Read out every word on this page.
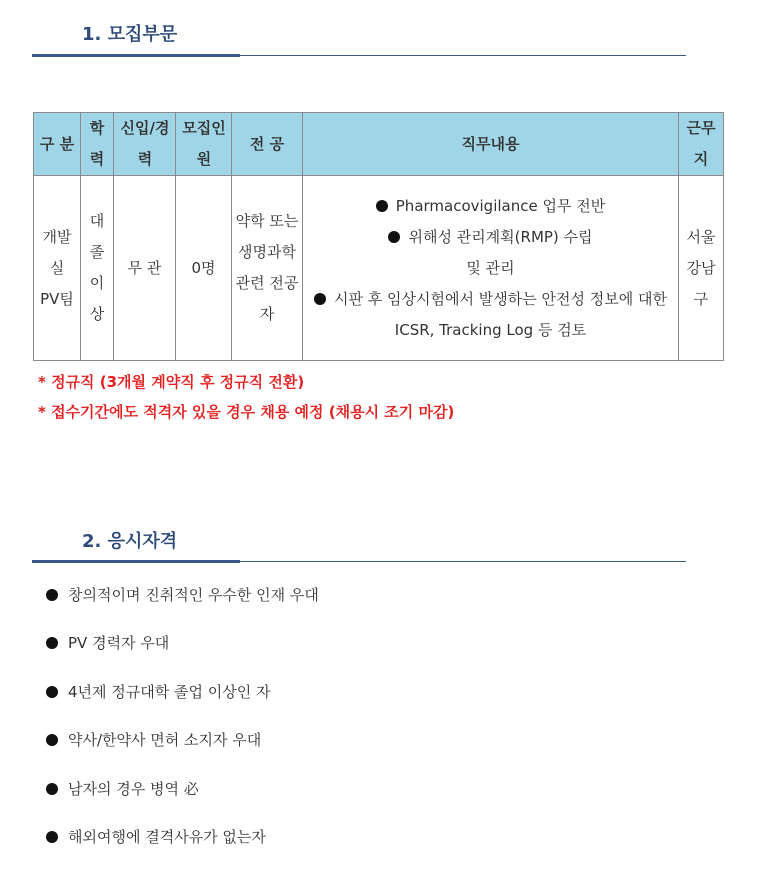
1. 모집부문
구 분	학력	신입/경력	모집인원	전 공	직무내용	근무지

개발실 PV팀	대졸이상	무 관	0명	약학 또는 생명과학 관련 전공자	Pharmacovigilance 업무 전반
위해성 관리계획(RMP) 수립 및 관리
시판 후 임상시험에서 발생하는 안전성 정보에 대한 ICSR, Tracking Log 등 검토	서울 강남구
* 정규직 (3개월 계약직 후 정규직 전환)
* 접수기간에도 적격자 있을 경우 채용 예정 (채용시 조기 마감)
2. 응시자격
창의적이며 진취적인 우수한 인재 우대
PV 경력자 우대
4년제 정규대학 졸업 이상인 자
약사/한약사 면허 소지자 우대
남자의 경우 병역 必
해외여행에 결격사유가 없는자
